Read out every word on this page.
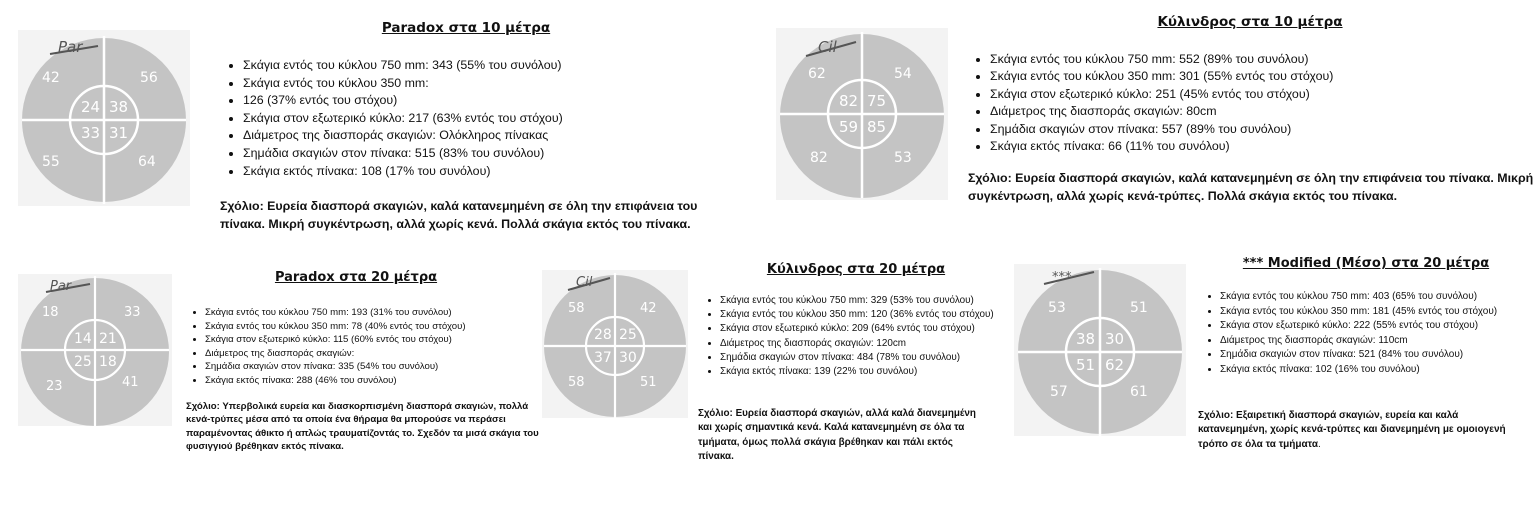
Par
42	56
55	64
24 38
33 31
Paradox στα 10 μέτρα
• Σκάγια εντός του κύκλου 750 mm: 343 (55% του συνόλου)
• Σκάγια εντός του κύκλου 350 mm:
• 126 (37% εντός του στόχου)
• Σκάγια στον εξωτερικό κύκλο: 217 (63% εντός του στόχου)
• Διάμετρος της διασποράς σκαγιών: Ολόκληρος πίνακας
• Σημάδια σκαγιών στον πίνακα: 515 (83% του συνόλου)
• Σκάγια εκτός πίνακα: 108 (17% του συνόλου)

Σχόλιο: Ευρεία διασπορά σκαγιών, καλά κατανεμημένη σε όλη την επιφάνεια του πίνακα. Μικρή συγκέντρωση, αλλά χωρίς κενά. Πολλά σκάγια εκτός του πίνακα.

Cil
62	54
82	53
82 75
59 85
Κύλινδρος στα 10 μέτρα
• Σκάγια εντός του κύκλου 750 mm: 552 (89% του συνόλου)
• Σκάγια εντός του κύκλου 350 mm: 301 (55% εντός του στόχου)
• Σκάγια στον εξωτερικό κύκλο: 251 (45% εντός του στόχου)
• Διάμετρος της διασποράς σκαγιών: 80cm
• Σημάδια σκαγιών στον πίνακα: 557 (89% του συνόλου)
• Σκάγια εκτός πίνακα: 66 (11% του συνόλου)

Σχόλιο: Ευρεία διασπορά σκαγιών, καλά κατανεμημένη σε όλη την επιφάνεια του πίνακα. Μικρή συγκέντρωση, αλλά χωρίς κενά-τρύπες. Πολλά σκάγια εκτός του πίνακα.

Par
18	33
23	41
14 21
25 18
Paradox στα 20 μέτρα
• Σκάγια εντός του κύκλου 750 mm: 193 (31% του συνόλου)
• Σκάγια εντός του κύκλου 350 mm: 78 (40% εντός του στόχου)
• Σκάγια στον εξωτερικό κύκλο: 115 (60% εντός του στόχου)
• Διάμετρος της διασποράς σκαγιών:
• Σημάδια σκαγιών στον πίνακα: 335 (54% του συνόλου)
• Σκάγια εκτός πίνακα: 288 (46% του συνόλου)

Σχόλιο: Υπερβολικά ευρεία και διασκορπισμένη διασπορά σκαγιών, πολλά κενά-τρύπες μέσα από τα οποία ένα θήραμα θα μπορούσε να περάσει παραμένοντας άθικτο ή απλώς τραυματίζοντάς το. Σχεδόν τα μισά σκάγια του φυσιγγιού βρέθηκαν εκτός πίνακα.

Cil
58	42
58	51
28 25
37 30
Κύλινδρος στα 20 μέτρα
• Σκάγια εντός του κύκλου 750 mm: 329 (53% του συνόλου)
• Σκάγια εντός του κύκλου 350 mm: 120 (36% εντός του στόχου)
• Σκάγια στον εξωτερικό κύκλο: 209 (64% εντός του στόχου)
• Διάμετρος της διασποράς σκαγιών: 120cm
• Σημάδια σκαγιών στον πίνακα: 484 (78% του συνόλου)
• Σκάγια εκτός πίνακα: 139 (22% του συνόλου)

Σχόλιο: Ευρεία διασπορά σκαγιών, αλλά καλά διανεμημένη και χωρίς σημαντικά κενά. Καλά κατανεμημένη σε όλα τα τμήματα, όμως πολλά σκάγια βρέθηκαν και πάλι εκτός πίνακα.

***
53	51
57	61
38 30
51 62
*** Modified (Μέσο) στα 20 μέτρα
• Σκάγια εντός του κύκλου 750 mm: 403 (65% του συνόλου)
• Σκάγια εντός του κύκλου 350 mm: 181 (45% εντός του στόχου)
• Σκάγια στον εξωτερικό κύκλο: 222 (55% εντός του στόχου)
• Διάμετρος της διασποράς σκαγιών: 110cm
• Σημάδια σκαγιών στον πίνακα: 521 (84% του συνόλου)
• Σκάγια εκτός πίνακα: 102 (16% του συνόλου)

Σχόλιο: Εξαιρετική διασπορά σκαγιών, ευρεία και καλά κατανεμημένη, χωρίς κενά-τρύπες και διανεμημένη με ομοιογενή τρόπο σε όλα τα τμήματα.
